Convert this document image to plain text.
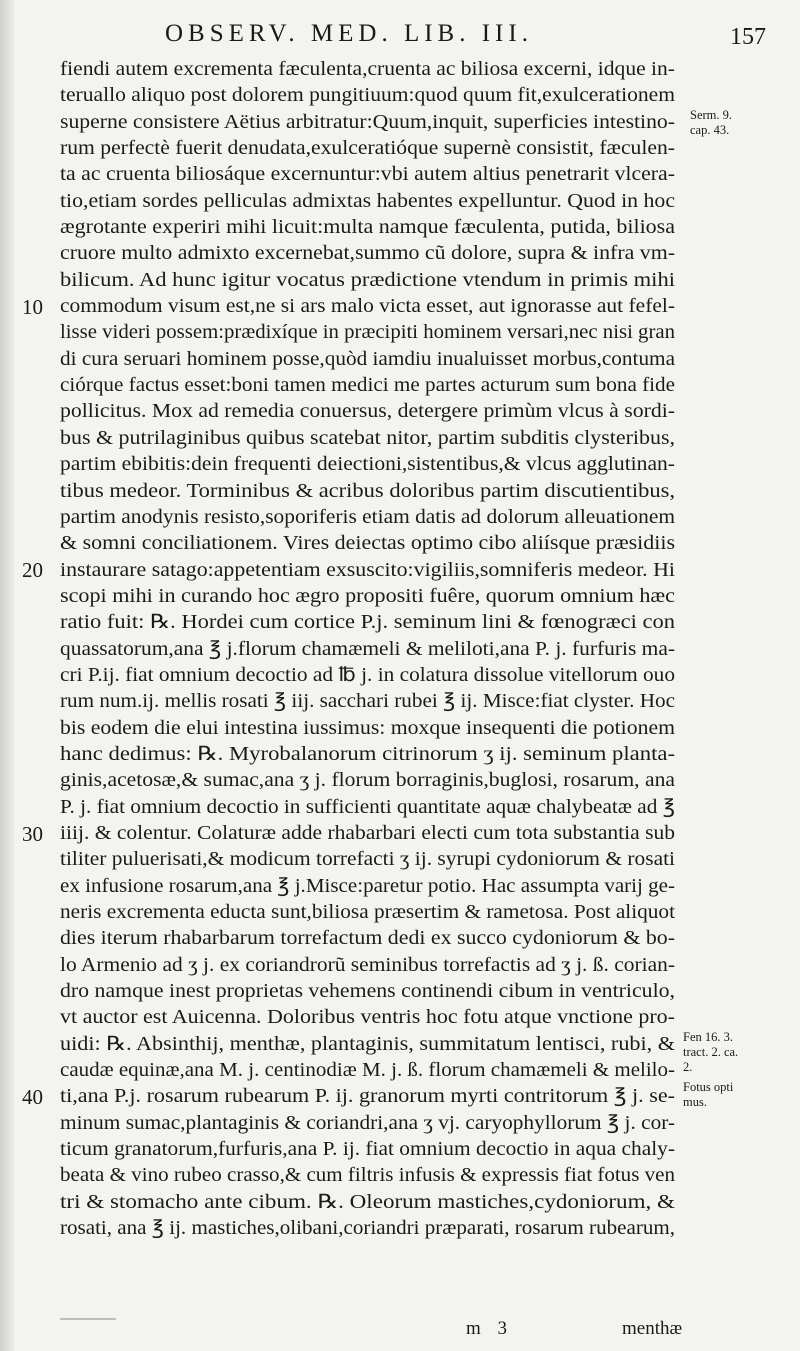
OBSERV. MED. LIB. III.	157
10
20
30
40
fiendi autem excrementa fæculenta,cruenta ac biliosa excerni, idque in-
teruallo aliquo post dolorem pungitiuum:quod quum fit,exulcerationem
superne consistere Aëtius arbitratur:Quum,inquit, superficies intestino-
rum perfectè fuerit denudata,exulceratióque supernè consistit, fæculen-
ta ac cruenta biliosáque excernuntur:vbi autem altius penetrarit vlcera-
tio,etiam sordes pelliculas admixtas habentes expelluntur. Quod in hoc
ægrotante experiri mihi licuit:multa namque fæculenta, putida, biliosa
cruore multo admixto excernebat,summo cũ dolore, supra & infra vm-
bilicum. Ad hunc igitur vocatus prædictione vtendum in primis mihi
commodum visum est,ne si ars malo victa esset, aut ignorasse aut fefel-
lisse videri possem:prædixíque in præcipiti hominem versari,nec nisi gran
di cura seruari hominem posse,quòd iamdiu inualuisset morbus,contuma
ciórque factus esset:boni tamen medici me partes acturum sum bona fide
pollicitus. Mox ad remedia conuersus, detergere primùm vlcus à sordi-
bus & putrilaginibus quibus scatebat nitor, partim subditis clysteribus,
partim ebibitis:dein frequenti deiectioni,sistentibus,& vlcus agglutinan-
tibus medeor. Torminibus & acribus doloribus partim discutientibus,
partim anodynis resisto,soporiferis etiam datis ad dolorum alleuationem
& somni conciliationem. Vires deiectas optimo cibo aliísque præsidiis
instaurare satago:appetentiam exsuscito:vigiliis,somniferis medeor. Hi
scopi mihi in curando hoc ægro propositi fuêre, quorum omnium hæc
ratio fuit: ℞. Hordei cum cortice P.j. seminum lini & fœnogræci con
quassatorum,ana ℥ j.florum chamæmeli & meliloti,ana P. j. furfuris ma-
cri P.ij. fiat omnium decoctio ad ℔ j. in colatura dissolue vitellorum ouo
rum num.ij. mellis rosati ℥ iij. sacchari rubei ℥ ij. Misce:fiat clyster. Hoc
bis eodem die elui intestina iussimus: moxque insequenti die potionem
hanc dedimus: ℞. Myrobalanorum citrinorum ʒ ij. seminum planta-
ginis,acetosæ,& sumac,ana ʒ j. florum borraginis,buglosi, rosarum, ana
P. j. fiat omnium decoctio in sufficienti quantitate aquæ chalybeatæ ad ℥
iiij. & colentur. Colaturæ adde rhabarbari electi cum tota substantia sub
tiliter puluerisati,& modicum torrefacti ʒ ij. syrupi cydoniorum & rosati
ex infusione rosarum,ana ℥ j.Misce:paretur potio. Hac assumpta varij ge-
neris excrementa educta sunt,biliosa præsertim & rametosa. Post aliquot
dies iterum rhabarbarum torrefactum dedi ex succo cydoniorum & bo-
lo Armenio ad ʒ j. ex coriandrorũ seminibus torrefactis ad ʒ j. ß. corian-
dro namque inest proprietas vehemens continendi cibum in ventriculo,
vt auctor est Auicenna. Doloribus ventris hoc fotu atque vnctione pro-
uidi: ℞. Absinthij, menthæ, plantaginis, summitatum lentisci, rubi, &
caudæ equinæ,ana M. j. centinodiæ M. j. ß. florum chamæmeli & melilo-
ti,ana P.j. rosarum rubearum P. ij. granorum myrti contritorum ℥ j. se-
minum sumac,plantaginis & coriandri,ana ʒ vj. caryophyllorum ℥ j. cor-
ticum granatorum,furfuris,ana P. ij. fiat omnium decoctio in aqua chaly-
beata & vino rubeo crasso,& cum filtris infusis & expressis fiat fotus ven
tri & stomacho ante cibum. ℞. Oleorum mastiches,cydoniorum, &
rosati, ana ℥ ij. mastiches,olibani,coriandri præparati, rosarum rubearum,
Serm. 9.
cap. 43.
Fen 16. 3.
tract. 2. ca.
2.
Fotus opti
mus.
m 3	menthæ
